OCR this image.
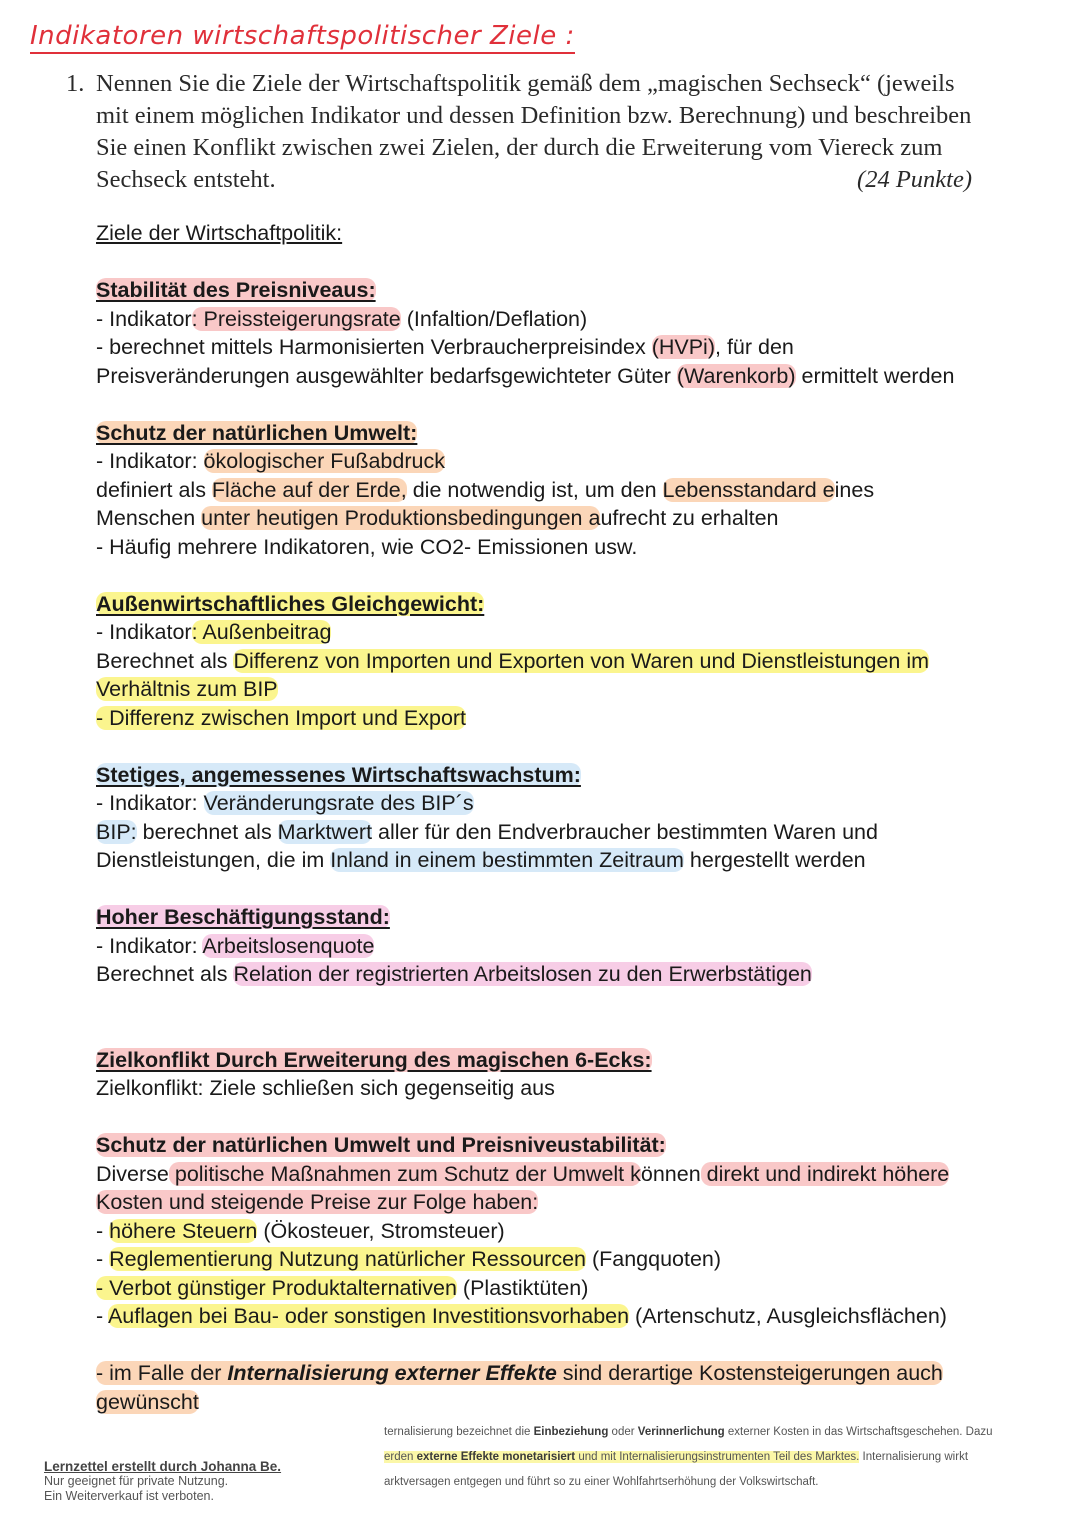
Indikatoren wirtschaftspolitischer Ziele :
1. Nennen Sie die Ziele der Wirtschaftspolitik gemäß dem „magischen Sechseck“ (jeweils
mit einem möglichen Indikator und dessen Definition bzw. Berechnung) und beschreiben
Sie einen Konflikt zwischen zwei Zielen, der durch die Erweiterung vom Viereck zum
Sechseck entsteht.	(24 Punkte)
Ziele der Wirtschaftpolitik:
Stabilität des Preisniveaus:
- Indikator: Preissteigerungsrate (Infaltion/Deflation)
- berechnet mittels Harmonisierten Verbraucherpreisindex (HVPi), für den
Preisveränderungen ausgewählter bedarfsgewichteter Güter (Warenkorb) ermittelt werden
Schutz der natürlichen Umwelt:
- Indikator: ökologischer Fußabdruck
definiert als Fläche auf der Erde, die notwendig ist, um den Lebensstandard eines
Menschen unter heutigen Produktionsbedingungen aufrecht zu erhalten
- Häufig mehrere Indikatoren, wie CO2- Emissionen usw.
Außenwirtschaftliches Gleichgewicht:
- Indikator: Außenbeitrag
Berechnet als Differenz von Importen und Exporten von Waren und Dienstleistungen im
Verhältnis zum BIP
- Differenz zwischen Import und Export
Stetiges, angemessenes Wirtschaftswachstum:
- Indikator: Veränderungsrate des BIP´s
BIP: berechnet als Marktwert aller für den Endverbraucher bestimmten Waren und
Dienstleistungen, die im Inland in einem bestimmten Zeitraum hergestellt werden
Hoher Beschäftigungsstand:
- Indikator: Arbeitslosenquote
Berechnet als Relation der registrierten Arbeitslosen zu den Erwerbstätigen
Zielkonflikt Durch Erweiterung des magischen 6-Ecks:
Zielkonflikt: Ziele schließen sich gegenseitig aus
Schutz der natürlichen Umwelt und Preisniveustabilität:
Diverse politische Maßnahmen zum Schutz der Umwelt können direkt und indirekt höhere
Kosten und steigende Preise zur Folge haben:
- höhere Steuern (Ökosteuer, Stromsteuer)
- Reglementierung Nutzung natürlicher Ressourcen (Fangquoten)
- Verbot günstiger Produktalternativen (Plastiktüten)
- Auflagen bei Bau- oder sonstigen Investitionsvorhaben (Artenschutz, Ausgleichsflächen)
- im Falle der Internalisierung externer Effekte sind derartige Kostensteigerungen auch
gewünscht
ternalisierung bezeichnet die Einbeziehung oder Verinnerlichung externer Kosten in das Wirtschaftsgeschehen. Dazu
erden externe Effekte monetarisiert und mit Internalisierungsinstrumenten Teil des Marktes. Internalisierung wirkt
arktversagen entgegen und führt so zu einer Wohlfahrtserhöhung der Volkswirtschaft.
Lernzettel erstellt durch Johanna Be.
Nur geeignet für private Nutzung.
Ein Weiterverkauf ist verboten.
